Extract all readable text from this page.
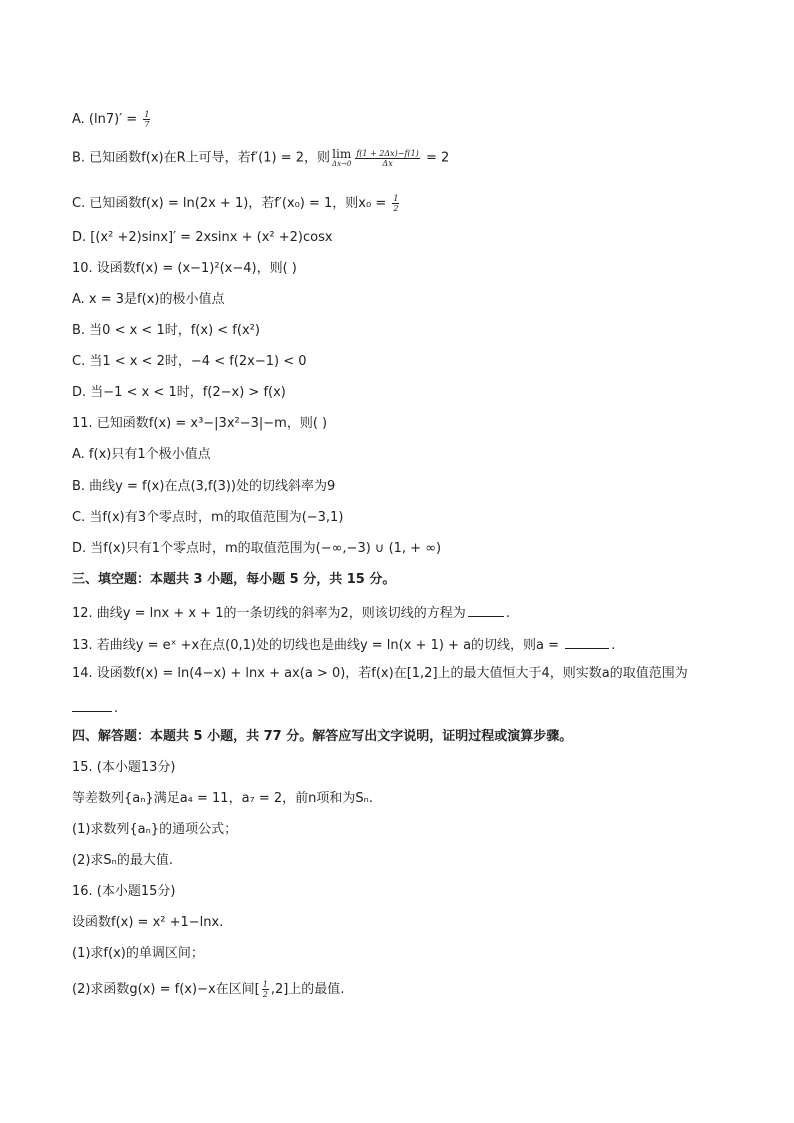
A. $(\ln 7)' = \frac{1}{7}$
B. 已知函数f(x)在R上可导，若f′(1) = 2，则 lim
$\Delta x\to 0 \frac{f(1 + 2\Delta x)-f(1)}{\Delta x} = 2$
C. 已知函数f(x) = ln(2x + 1)，若f′(x₀) = 1，则$x_0 = \frac{1}{2}$
D. [(x² +2)sinx]′ = 2xsinx + (x² +2)cosx
10. 设函数f(x) = (x−1)²(x−4)，则( )
A. x = 3是f(x)的极小值点
B. 当0 < x < 1时，f(x) < f(x²)
C. 当1 < x < 2时，−4 < f(2x−1) < 0
D. 当−1 < x < 1时，f(2−x) > f(x)
11. 已知函数f(x) = x³−|3x²−3|−m，则( )
A. f(x)只有1个极小值点
B. 曲线y = f(x)在点(3,f(3))处的切线斜率为9
C. 当f(x)有3个零点时，m的取值范围为(−3,1)
D. 当f(x)只有1个零点时，m的取值范围为(−∞,−3) ∪ (1, + ∞)
三、填空题：本题共 3 小题，每小题 5 分，共 15 分。
12. 曲线y = lnx + x + 1的一条切线的斜率为2，则该切线的方程为	.
13. 若曲线y = eˣ +x在点(0,1)处的切线也是曲线y = ln(x + 1) + a的切线，则a =	.
14. 设函数f(x) = ln(4−x) + lnx + ax(a > 0)，若f(x)在[1,2]上的最大值恒大于4，则实数a的取值范围为
.
四、解答题：本题共 5 小题，共 77 分。解答应写出文字说明，证明过程或演算步骤。
15. (本小题13分)
等差数列{aₙ}满足a₄ = 11，a₇ = 2，前n项和为Sₙ.
(1)求数列{aₙ}的通项公式；
(2)求Sₙ的最大值.
16. (本小题15分)
设函数f(x) = x² +1−lnx.
(1)求f(x)的单调区间；
(2)求函数g(x) = f(x)−x在区间[ $\frac{1}{2} ,2$]上的最值.
